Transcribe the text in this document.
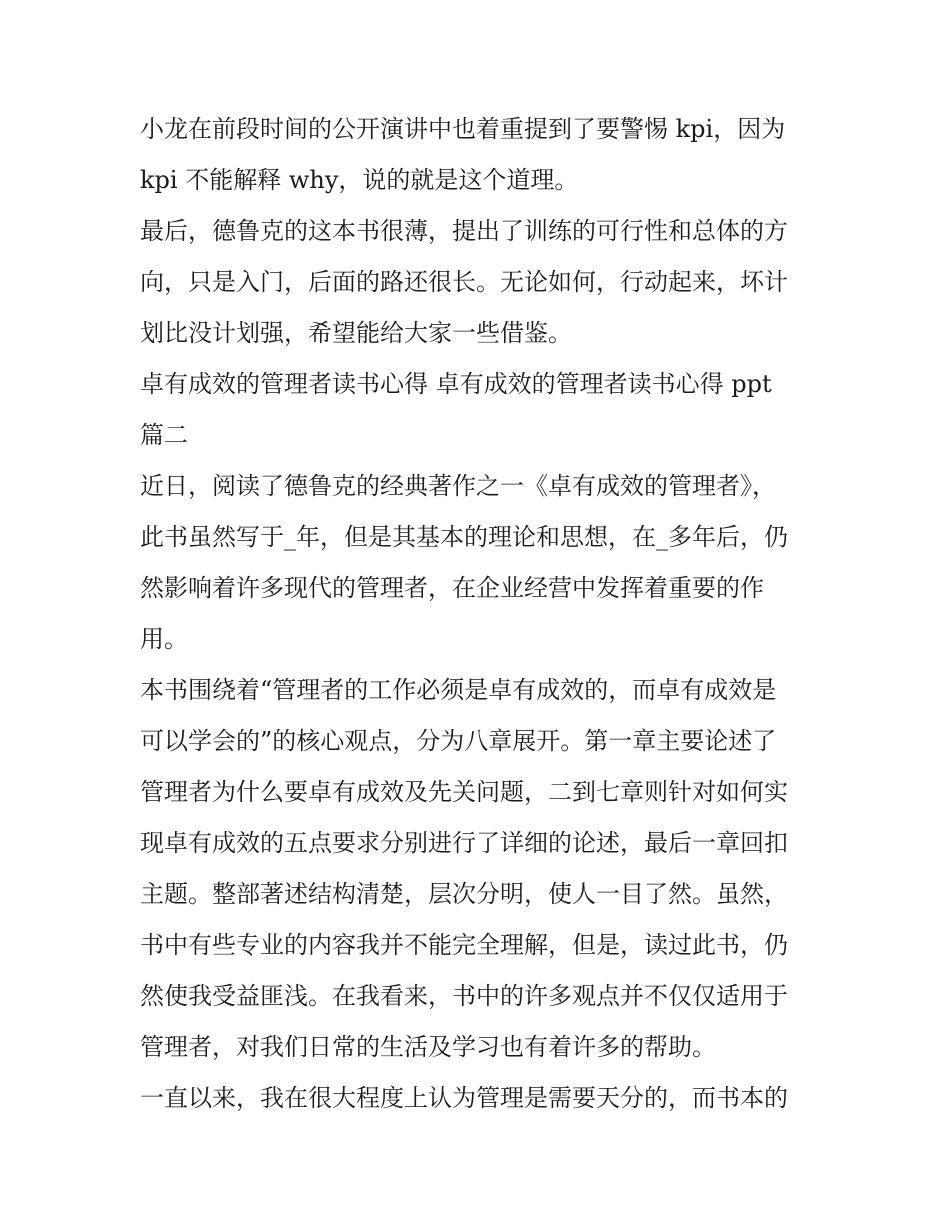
小龙在前段时间的公开演讲中也着重提到了要警惕 kpi，因为
kpi 不能解释 why，说的就是这个道理。
最后，德鲁克的这本书很薄，提出了训练的可行性和总体的方
向，只是入门，后面的路还很长。无论如何，行动起来，坏计
划比没计划强，希望能给大家一些借鉴。
卓有成效的管理者读书心得 卓有成效的管理者读书心得 ppt
篇二
近日，阅读了德鲁克的经典著作之一《卓有成效的管理者》，
此书虽然写于_年，但是其基本的理论和思想，在_多年后，仍
然影响着许多现代的管理者，在企业经营中发挥着重要的作
用。
本书围绕着“管理者的工作必须是卓有成效的，而卓有成效是
可以学会的”的核心观点，分为八章展开。第一章主要论述了
管理者为什么要卓有成效及先关问题，二到七章则针对如何实
现卓有成效的五点要求分别进行了详细的论述，最后一章回扣
主题。整部著述结构清楚，层次分明，使人一目了然。虽然，
书中有些专业的内容我并不能完全理解，但是，读过此书，仍
然使我受益匪浅。在我看来，书中的许多观点并不仅仅适用于
管理者，对我们日常的生活及学习也有着许多的帮助。
一直以来，我在很大程度上认为管理是需要天分的，而书本的
